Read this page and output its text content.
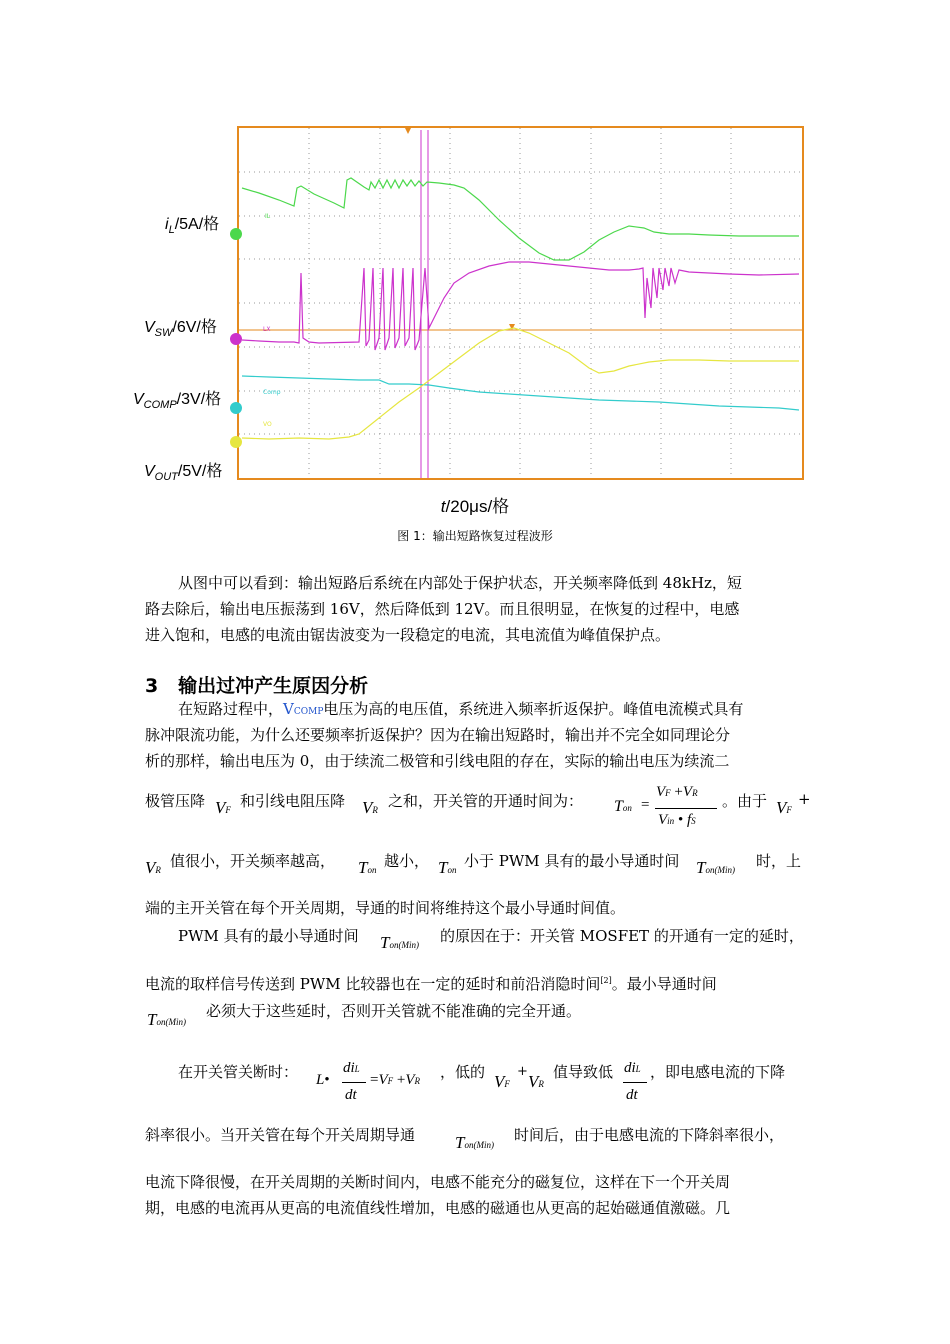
$i_L/5A/$格
$V_{SW}/6V/$格
$V_{COMP}/3V/$格
$V_{OUT}/5V/$格
IL
LX
Comp
VO
t/20μs/格
图 1：输出短路恢复过程波形
从图中可以看到：输出短路后系统在内部处于保护状态，开关频率降低到 48kHz，短
路去除后，输出电压振荡到 16V，然后降低到 12V。而且很明显，在恢复的过程中，电感
进入饱和，电感的电流由锯齿波变为一段稳定的电流，其电流值为峰值保护点。
3 输出过冲产生原因分析
在短路过程中，VCOMP电压为高的电压值，系统进入频率折返保护。峰值电流模式具有
脉冲限流功能，为什么还要频率折返保护？因为在输出短路时，输出并不完全如同理论分
析的那样，输出电压为 0，由于续流二极管和引线电阻的存在，实际的输出电压为续流二
极管压降 VF 和引线电阻压降 VR 之和，开关管的开通时间为： Ton =
VF +VR
Vin • fS
。由于 VF
+
VR 值很小，开关频率越高， Ton 越小， Ton 小于 PWM 具有的最小导通时间 Ton(Min) 时，上
端的主开关管在每个开关周期，导通的时间将维持这个最小导通时间值。
PWM 具有的最小导通时间 Ton(Min) 的原因在于：开关管 MOSFET 的开通有一定的延时，
电流的取样信号传送到 PWM 比较器也在一定的延时和前沿消隐时间[2]。最小导通时间
Ton(Min)
必须大于这些延时，否则开关管就不能准确的完全开通。
在开关管关断时： L•
diL
dt
=VF +VR ，低的 VF
+
VR
值导致低 diL
dt
，即电感电流的下降
斜率很小。当开关管在每个开关周期导通 Ton(Min)
时间后，由于电感电流的下降斜率很小，
电流下降很慢，在开关周期的关断时间内，电感不能充分的磁复位，这样在下一个开关周
期，电感的电流再从更高的电流值线性增加，电感的磁通也从更高的起始磁通值激磁。几
